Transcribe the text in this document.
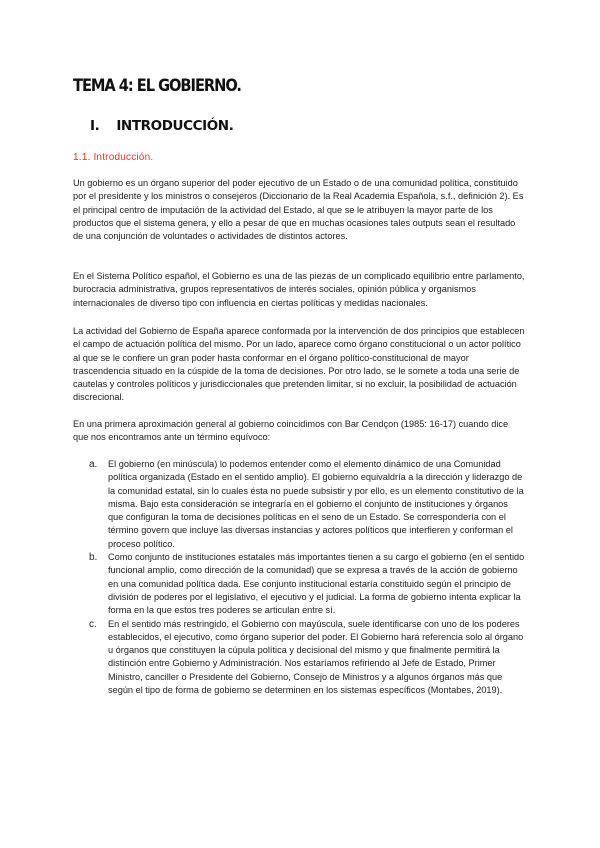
TEMA 4: EL GOBIERNO.
I. INTRODUCCIÓN.
1.1. Introducción.

Un gobierno es un órgano superior del poder ejecutivo de un Estado o de una comunidad política, constituido por el presidente y los ministros o consejeros (Diccionario de la Real Academia Española, s.f., definición 2). Es el principal centro de imputación de la actividad del Estado, al que se le atribuyen la mayor parte de los productos que el sistema genera, y ello a pesar de que en muchas ocasiones tales outputs sean el resultado de una conjunción de voluntades o actividades de distintos actores.

En el Sistema Político español, el Gobierno es una de las piezas de un complicado equilibrio entre parlamento, burocracia administrativa, grupos representativos de interés sociales, opinión pública y organismos internacionales de diverso tipo con influencia en ciertas políticas y medidas nacionales.

La actividad del Gobierno de España aparece conformada por la intervención de dos principios que establecen el campo de actuación política del mismo. Por un lado, aparece como órgano constitucional o un actor político al que se le confiere un gran poder hasta conformar en el órgano político-constitucional de mayor trascendencia situado en la cúspide de la toma de decisiones. Por otro lado, se le somete a toda una serie de cautelas y controles políticos y jurisdiccionales que pretenden limitar, si no excluir, la posibilidad de actuación discrecional.

En una primera aproximación general al gobierno coincidimos con Bar Cendçon (1985: 16-17) cuando dice que nos encontramos ante un término equívoco:

a. El gobierno (en minúscula) lo podemos entender como el elemento dinámico de una Comunidad política organizada (Estado en el sentido amplio). El gobierno equivaldría a la dirección y liderazgo de la comunidad estatal, sin lo cuales ésta no puede subsistir y por ello, es un elemento constitutivo de la misma. Bajo esta consideración se integraría en el gobierno el conjunto de instituciones y órganos que configuran la toma de decisiones políticas en el seno de un Estado. Se correspondería con el término govern que incluye las diversas instancias y actores políticos que interfieren y conforman el proceso político.
b. Como conjunto de instituciones estatales más importantes tienen a su cargo el gobierno (en el sentido funcional amplio, como dirección de la comunidad) que se expresa a través de la acción de gobierno en una comunidad política dada. Ese conjunto institucional estaría constituido según el principio de división de poderes por el legislativo, el ejecutivo y el judicial. La forma de gobierno intenta explicar la forma en la que estos tres poderes se articulan entre sí.
c. En el sentido más restringido, el Gobierno con mayúscula, suele identificarse con uno de los poderes establecidos, el ejecutivo, como órgano superior del poder. El Gobierno hará referencia solo al órgano u órganos que constituyen la cúpula política y decisional del mismo y que finalmente permitirá la distinción entre Gobierno y Administración. Nos estaríamos refiriendo al Jefe de Estado, Primer Ministro, canciller o Presidente del Gobierno, Consejo de Ministros y a algunos órganos más que según el tipo de forma de gobierno se determinen en los sistemas específicos (Montabes, 2019).
